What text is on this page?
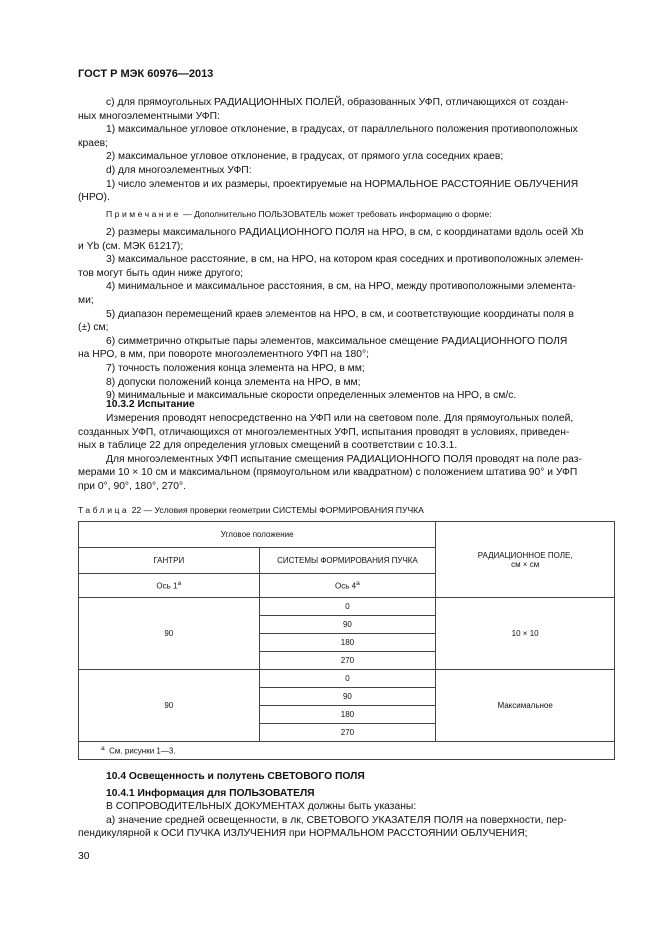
ГОСТ Р МЭК 60976—2013
c) для прямоугольных РАДИАЦИОННЫХ ПОЛЕЙ, образованных УФП, отличающихся от создан-
ных многоэлементными УФП:
1) максимальное угловое отклонение, в градусах, от параллельного положения противоположных
краев;
2) максимальное угловое отклонение, в градусах, от прямого угла соседних краев;
d) для многоэлементных УФП:
1) число элементов и их размеры, проектируемые на НОРМАЛЬНОЕ РАССТОЯНИЕ ОБЛУЧЕНИЯ
(НРО).
Примечание — Дополнительно ПОЛЬЗОВАТЕЛЬ может требовать информацию о форме:
2) размеры максимального РАДИАЦИОННОГО ПОЛЯ на НРО, в см, с координатами вдоль осей Xb
и Yb (см. МЭК 61217);
3) максимальное расстояние, в см, на НРО, на котором края соседних и противоположных элемен-
тов могут быть один ниже другого;
4) минимальное и максимальное расстояния, в см, на НРО, между противоположными элемента-
ми;
5) диапазон перемещений краев элементов на НРО, в см, и соответствующие координаты поля в
(±) см;
6) симметрично открытые пары элементов, максимальное смещение РАДИАЦИОННОГО ПОЛЯ
на НРО, в мм, при повороте многоэлементного УФП на 180°;
7) точность положения конца элемента на НРО, в мм;
8) допуски положений конца элемента на НРО, в мм;
9) минимальные и максимальные скорости определенных элементов на НРО, в см/с.
10.3.2 Испытание
Измерения проводят непосредственно на УФП или на световом поле. Для прямоугольных полей,
созданных УФП, отличающихся от многоэлементных УФП, испытания проводят в условиях, приведен-
ных в таблице 22 для определения угловых смещений в соответствии с 10.3.1.
Для многоэлементных УФП испытание смещения РАДИАЦИОННОГО ПОЛЯ проводят на поле раз-
мерами 10 × 10 см и максимальном (прямоугольном или квадратном) с положением штатива 90° и УФП
при 0°, 90°, 180°, 270°.
Таблица 22 — Условия проверки геометрии СИСТЕМЫ ФОРМИРОВАНИЯ ПУЧКА
Угловое положение		РАДИАЦИОННОЕ ПОЛЕ,
см × см

ГАНТРИ	СИСТЕМЫ ФОРМИРОВАНИЯ ПУЧКА	
Ось $1^а$	Ось $4^а$
90	0	10 × 10
	90	
	180	
	270	
90	0	Максимальное
	90	
	180	
	270	
$^а$ См. рисунки 1—3.		
10.4 Освещенность и полутень СВЕТОВОГО ПОЛЯ
10.4.1 Информация для ПОЛЬЗОВАТЕЛЯ
В СОПРОВОДИТЕЛЬНЫХ ДОКУМЕНТАХ должны быть указаны:
а) значение средней освещенности, в лк, СВЕТОВОГО УКАЗАТЕЛЯ ПОЛЯ на поверхности, пер-
пендикулярной к ОСИ ПУЧКА ИЗЛУЧЕНИЯ при НОРМАЛЬНОМ РАССТОЯНИИ ОБЛУЧЕНИЯ;
30
